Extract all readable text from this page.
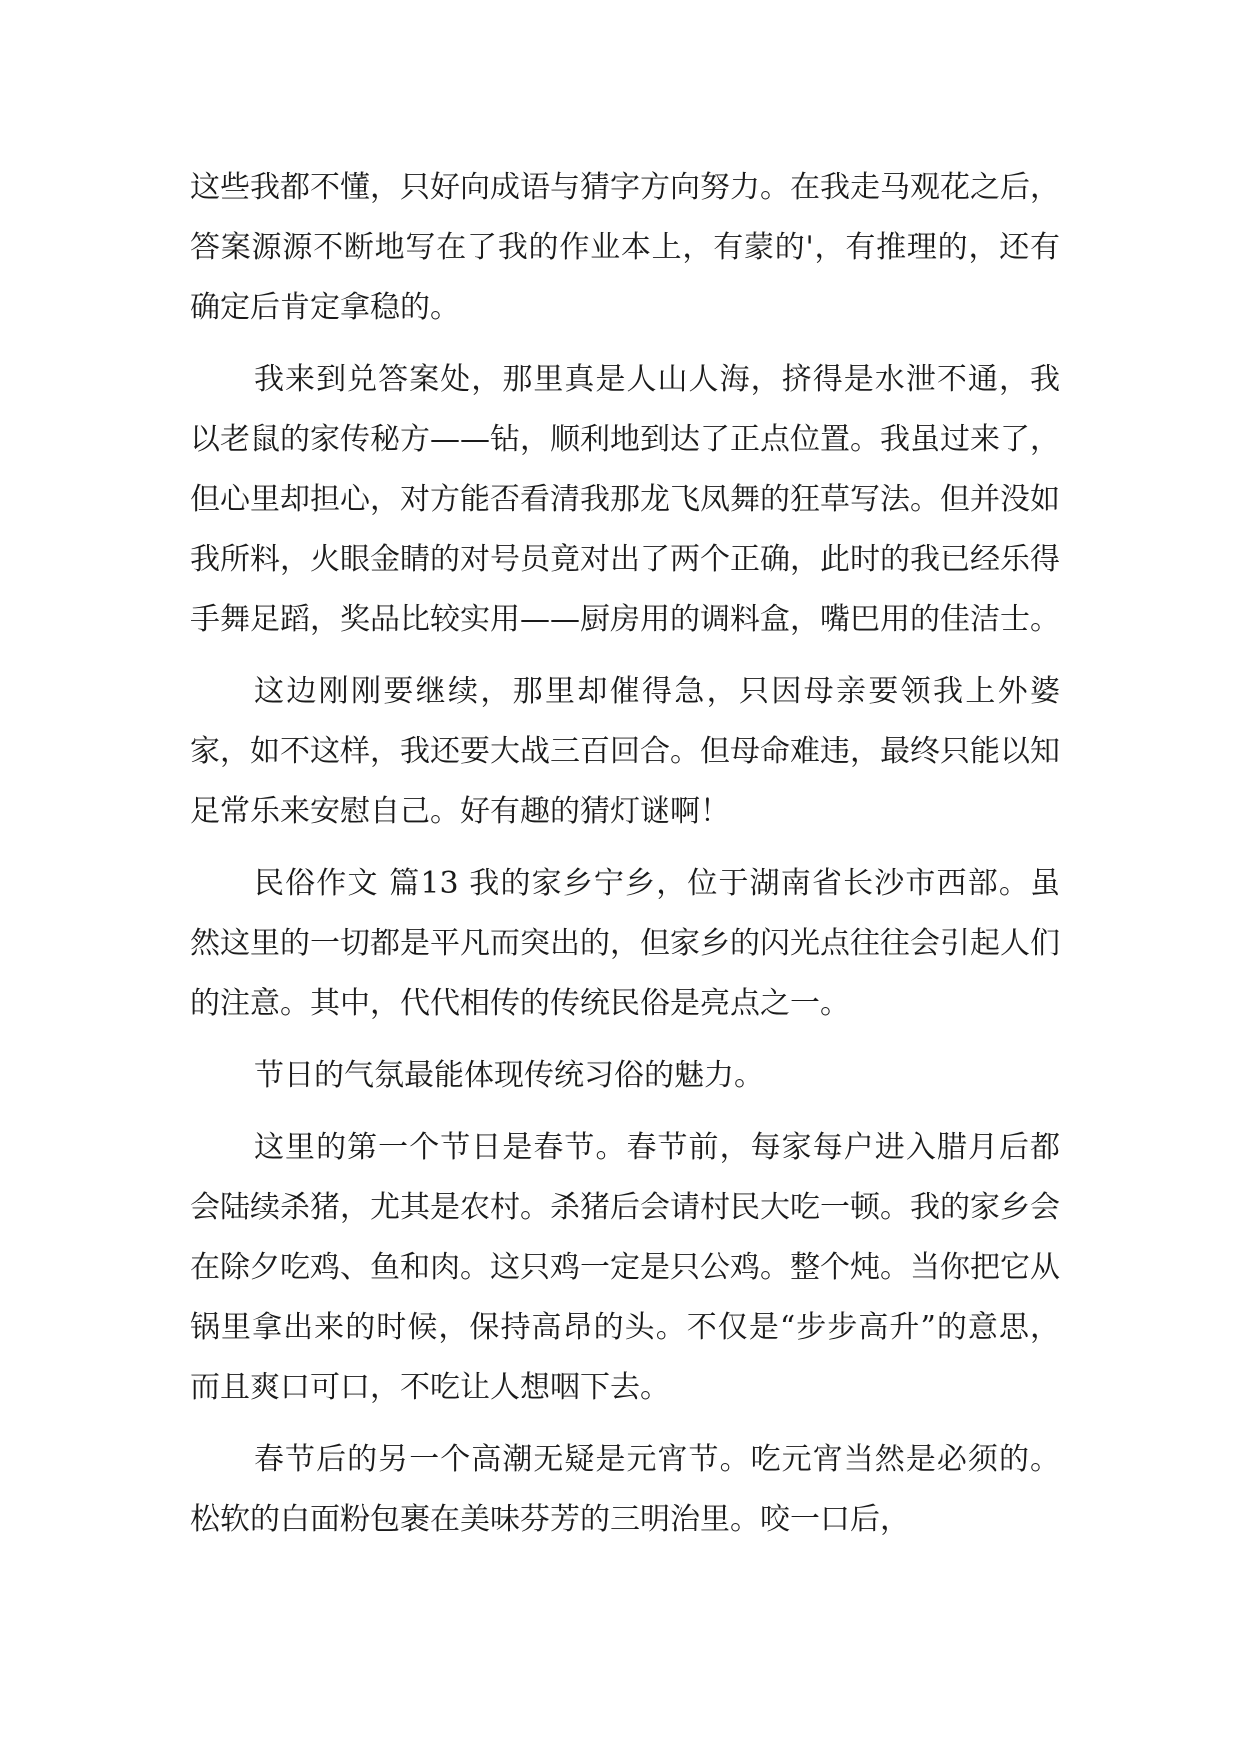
这些我都不懂，只好向成语与猜字方向努力。在我走马观花之后，答案源源不断地写在了我的作业本上，有蒙的'，有推理的，还有确定后肯定拿稳的。

我来到兑答案处，那里真是人山人海，挤得是水泄不通，我以老鼠的家传秘方——钻，顺利地到达了正点位置。我虽过来了，但心里却担心，对方能否看清我那龙飞凤舞的狂草写法。但并没如我所料，火眼金睛的对号员竟对出了两个正确，此时的我已经乐得手舞足蹈，奖品比较实用——厨房用的调料盒，嘴巴用的佳洁士。

这边刚刚要继续，那里却催得急，只因母亲要领我上外婆家，如不这样，我还要大战三百回合。但母命难违，最终只能以知足常乐来安慰自己。好有趣的猜灯谜啊！

民俗作文 篇13 我的家乡宁乡，位于湖南省长沙市西部。虽然这里的一切都是平凡而突出的，但家乡的闪光点往往会引起人们的注意。其中，代代相传的传统民俗是亮点之一。

节日的气氛最能体现传统习俗的魅力。

这里的第一个节日是春节。春节前，每家每户进入腊月后都会陆续杀猪，尤其是农村。杀猪后会请村民大吃一顿。我的家乡会在除夕吃鸡、鱼和肉。这只鸡一定是只公鸡。整个炖。当你把它从锅里拿出来的时候，保持高昂的头。不仅是“步步高升”的意思，而且爽口可口，不吃让人想咽下去。

春节后的另一个高潮无疑是元宵节。吃元宵当然是必须的。松软的白面粉包裹在美味芬芳的三明治里。咬一口后，
